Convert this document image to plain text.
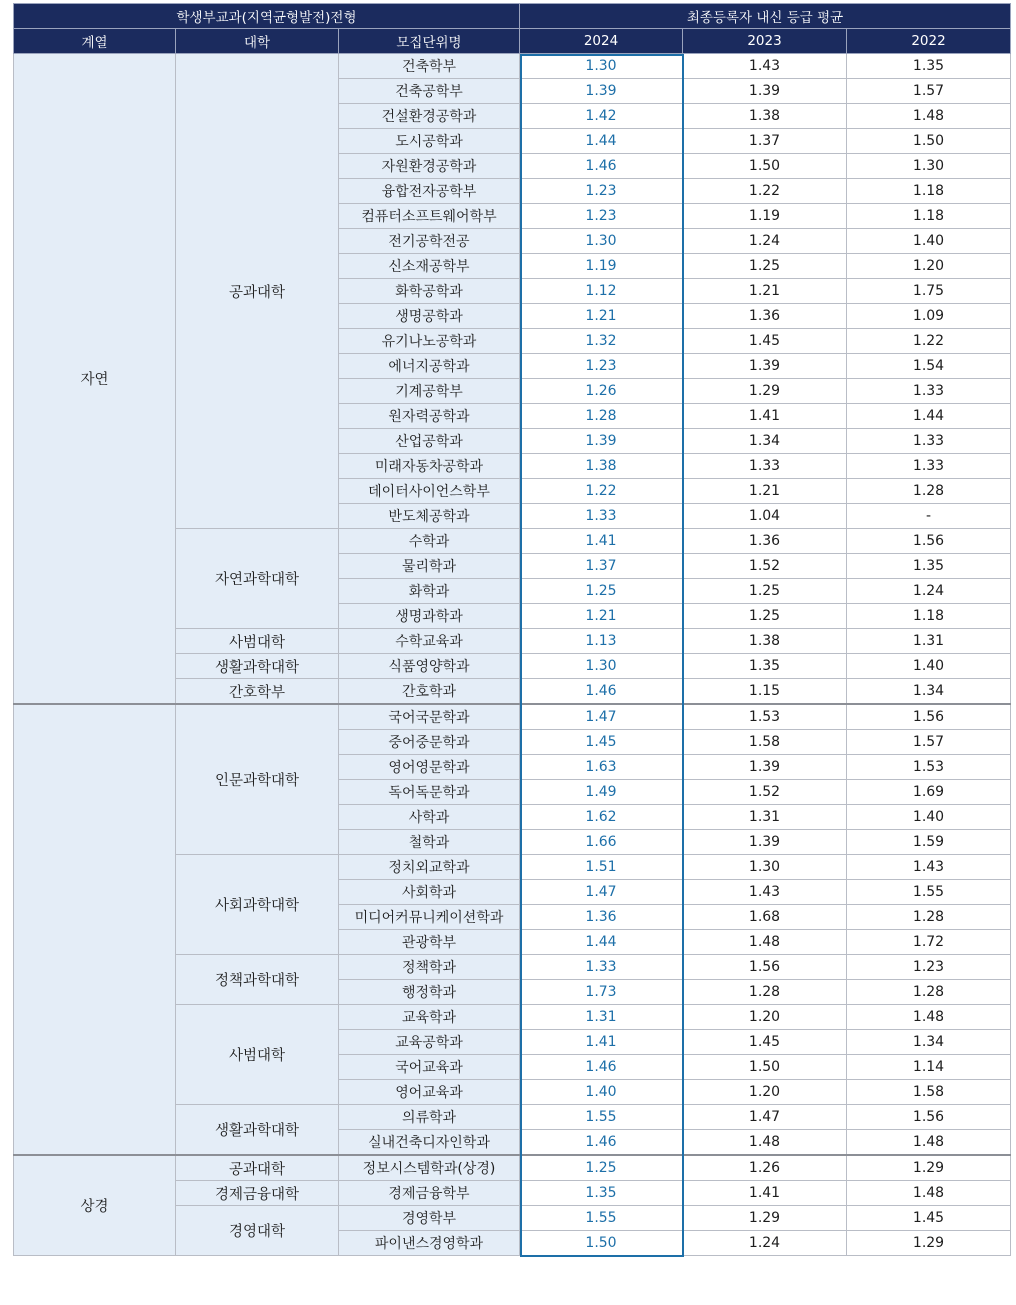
학생부교과(지역균형발전)전형			최종등록자 내신 등급 평균		
계열	대학	모집단위명	2024	2023	2022
자연	공과대학	건축학부	1.30	1.43	1.35
		건축공학부	1.39	1.39	1.57
		건설환경공학과	1.42	1.38	1.48
		도시공학과	1.44	1.37	1.50
		자원환경공학과	1.46	1.50	1.30
		융합전자공학부	1.23	1.22	1.18
		컴퓨터소프트웨어학부	1.23	1.19	1.18
		전기공학전공	1.30	1.24	1.40
		신소재공학부	1.19	1.25	1.20
		화학공학과	1.12	1.21	1.75
		생명공학과	1.21	1.36	1.09
		유기나노공학과	1.32	1.45	1.22
		에너지공학과	1.23	1.39	1.54
		기계공학부	1.26	1.29	1.33
		원자력공학과	1.28	1.41	1.44
		산업공학과	1.39	1.34	1.33
		미래자동차공학과	1.38	1.33	1.33
		데이터사이언스학부	1.22	1.21	1.28
		반도체공학과	1.33	1.04	-
	자연과학대학	수학과	1.41	1.36	1.56
		물리학과	1.37	1.52	1.35
		화학과	1.25	1.25	1.24
		생명과학과	1.21	1.25	1.18
	사범대학	수학교육과	1.13	1.38	1.31
	생활과학대학	식품영양학과	1.30	1.35	1.40
	간호학부	간호학과	1.46	1.15	1.34
	인문과학대학	국어국문학과	1.47	1.53	1.56
		중어중문학과	1.45	1.58	1.57
		영어영문학과	1.63	1.39	1.53
		독어독문학과	1.49	1.52	1.69
		사학과	1.62	1.31	1.40
		철학과	1.66	1.39	1.59
	사회과학대학	정치외교학과	1.51	1.30	1.43
		사회학과	1.47	1.43	1.55
		미디어커뮤니케이션학과	1.36	1.68	1.28
		관광학부	1.44	1.48	1.72
	정책과학대학	정책학과	1.33	1.56	1.23
		행정학과	1.73	1.28	1.28
	사범대학	교육학과	1.31	1.20	1.48
		교육공학과	1.41	1.45	1.34
		국어교육과	1.46	1.50	1.14
		영어교육과	1.40	1.20	1.58
	생활과학대학	의류학과	1.55	1.47	1.56
		실내건축디자인학과	1.46	1.48	1.48
상경	공과대학	정보시스템학과(상경)	1.25	1.26	1.29
	경제금융대학	경제금융학부	1.35	1.41	1.48
	경영대학	경영학부	1.55	1.29	1.45
		파이낸스경영학과	1.50	1.24	1.29
